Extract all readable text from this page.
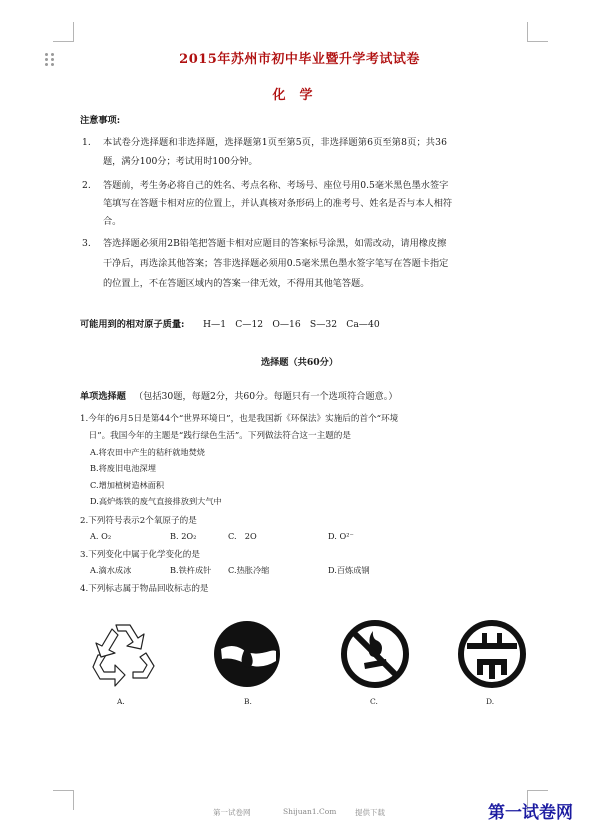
2015年苏州市初中毕业暨升学考试试卷
化学
注意事项:
1. 本试卷分选择题和非选择题，选择题第1页至第5页，非选择题第6页至第8页；共36
题，满分100分；考试用时100分钟。
2. 答题前，考生务必将自己的姓名、考点名称、考场号、座位号用0.5毫米黑色墨水签字
笔填写在答题卡相对应的位置上，并认真核对条形码上的准考号、姓名是否与本人相符
合。
3. 答选择题必须用2B铅笔把答题卡相对应题目的答案标号涂黑，如需改动，请用橡皮擦
干净后，再选涂其他答案；答非选择题必须用0.5毫米黑色墨水签字笔写在答题卡指定
的位置上，不在答题区域内的答案一律无效，不得用其他笔答题。
可能用到的相对原子质量: H—1　C—12　O—16　S—32　Ca—40
选择题（共60分）
单项选择题 （包括30题，每题2分，共60分。每题只有一个选项符合题意。）
1.今年的6月5日是第44个“世界环境日”，也是我国新《环保法》实施后的首个“环境
　日”。我国今年的主题是“践行绿色生活”。下列做法符合这一主题的是
A.将农田中产生的秸秆就地焚烧
B.将废旧电池深埋
C.增加植树造林面积
D.高炉炼铁的废气直接排放到大气中
2.下列符号表示2个氧原子的是
A. O₂	B. 2O₂	C.　2O	D. O²⁻
3.下列变化中属于化学变化的是
A.滴水成冰	B.铁杵成针 C.热胀冷缩	D.百炼成钢
4.下列标志属于物品回收标志的是
A.	B.	C.	D.
第一试卷网	Shijuan1.Com 提供下载	第一试卷网
